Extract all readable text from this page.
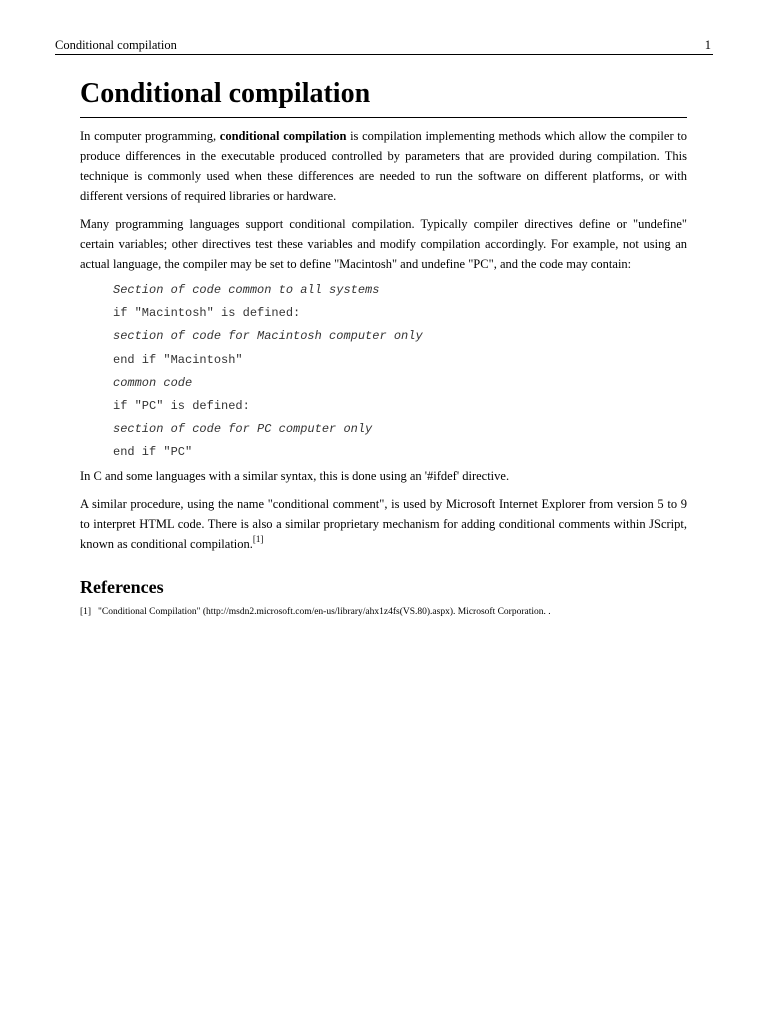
Conditional compilation	1
Conditional compilation

In computer programming, conditional compilation is compilation implementing methods which allow the compiler to produce differences in the executable produced controlled by parameters that are provided during compilation. This technique is commonly used when these differences are needed to run the software on different platforms, or with different versions of required libraries or hardware.

Many programming languages support conditional compilation. Typically compiler directives define or "undefine" certain variables; other directives test these variables and modify compilation accordingly. For example, not using an actual language, the compiler may be set to define "Macintosh" and undefine "PC", and the code may contain:

Section of code common to all systems
if "Macintosh" is defined:
section of code for Macintosh computer only
end if "Macintosh"
common code
if "PC" is defined:
section of code for PC computer only
end if "PC"

In C and some languages with a similar syntax, this is done using an '#ifdef' directive.

A similar procedure, using the name "conditional comment", is used by Microsoft Internet Explorer from version 5 to 9 to interpret HTML code. There is also a similar proprietary mechanism for adding conditional comments within JScript, known as conditional compilation.[1]

References
[1] "Conditional Compilation" (http://msdn2.microsoft.com/en-us/library/ahx1z4fs(VS.80).aspx). Microsoft Corporation. .
